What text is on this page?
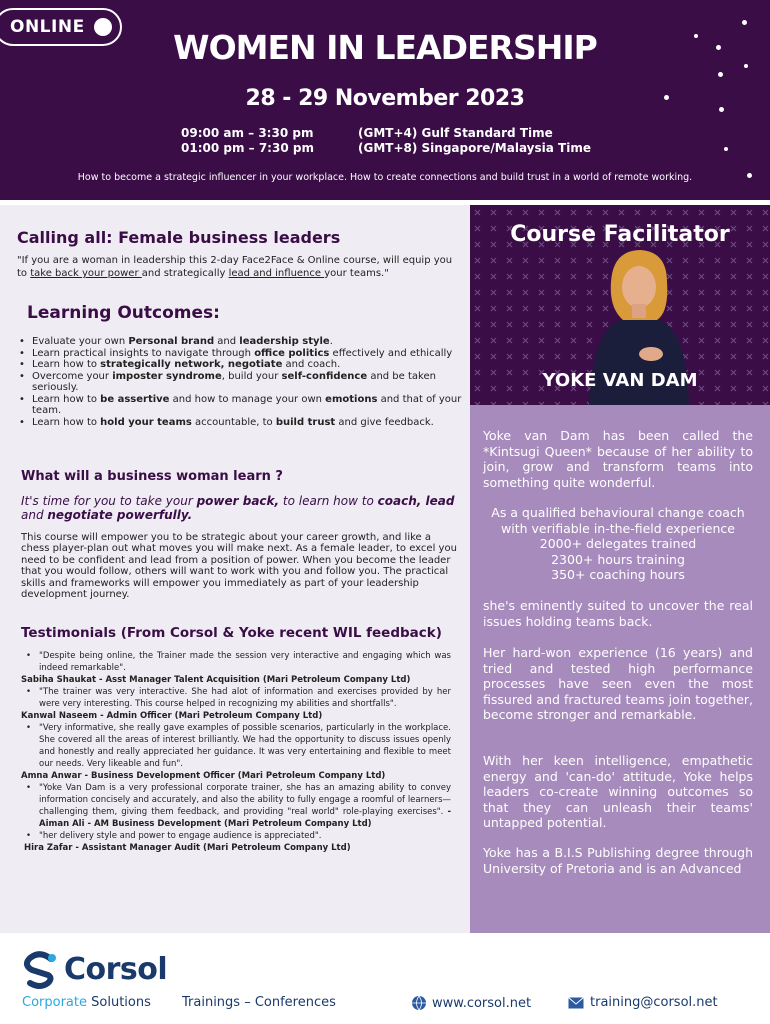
ONLINE
WOMEN IN LEADERSHIP
28 - 29 November 2023
09:00 am – 3:30 pm
01:00 pm – 7:30 pm
(GMT+4) Gulf Standard Time
(GMT+8) Singapore/Malaysia Time
How to become a strategic influencer in your workplace. How to create connections and build trust in a world of remote working.
Calling all: Female business leaders
"If you are a woman in leadership this 2-day Face2Face & Online course, will equip you to take back your power and strategically lead and influence your teams."
Learning Outcomes:
• Evaluate your own Personal brand and leadership style.
• Learn practical insights to navigate through office politics effectively and ethically
• Learn how to strategically network, negotiate and coach.
• Overcome your imposter syndrome, build your self-confidence and be taken seriously.
• Learn how to be assertive and how to manage your own emotions and that of your team.
• Learn how to hold your teams accountable, to build trust and give feedback.
What will a business woman learn ?
It's time for you to take your power back, to learn how to coach, lead
and negotiate powerfully.
This course will empower you to be strategic about your career growth, and like a chess player-plan out what moves you will make next. As a female leader, to excel you need to be confident and lead from a position of power. When you become the leader that you would follow, others will want to work with you and follow you. The practical skills and frameworks will empower you immediately as part of your leadership development journey.
Testimonials (From Corsol & Yoke recent WIL feedback)
• "Despite being online, the Trainer made the session very interactive and engaging which was indeed remarkable".
Sabiha Shaukat - Asst Manager Talent Acquisition (Mari Petroleum Company Ltd)
• "The trainer was very interactive. She had alot of information and exercises provided by her were very interesting. This course helped in recognizing my abilities and shortfalls".
Kanwal Naseem - Admin Officer (Mari Petroleum Company Ltd)
• "Very informative, she really gave examples of possible scenarios, particularly in the workplace. She covered all the areas of interest brilliantly. We had the opportunity to discuss issues openly and honestly and really appreciated her guidance. It was very entertaining and flexible to meet our needs. Very likeable and fun".
Amna Anwar - Business Development Officer (Mari Petroleum Company Ltd)
• "Yoke Van Dam is a very professional corporate trainer, she has an amazing ability to convey information concisely and accurately, and also the ability to fully engage a roomful of learners—challenging them, giving them feedback, and providing "real world" role-playing exercises". - Aiman Ali - AM Business Development (Mari Petroleum Company Ltd)
• "her delivery style and power to engage audience is appreciated".
Hira Zafar - Assistant Manager Audit (Mari Petroleum Company Ltd)
Course Facilitator
YOKE VAN DAM
Yoke van Dam has been called the *Kintsugi Queen* because of her ability to join, grow and transform teams into something quite wonderful.
As a qualified behavioural change coach
with verifiable in-the-field experience
2000+ delegates trained
2300+ hours training
350+ coaching hours
she's eminently suited to uncover the real issues holding teams back.
Her hard-won experience (16 years) and tried and tested high performance processes have seen even the most fissured and fractured teams join together, become stronger and remarkable.
With her keen intelligence, empathetic energy and 'can-do' attitude, Yoke helps leaders co-create winning outcomes so that they can unleash their teams' untapped potential.
Yoke has a B.I.S Publishing degree through University of Pretoria and is an Advanced
Corsol
Corporate Solutions Trainings – Conferences	www.corsol.net	training@corsol.net
